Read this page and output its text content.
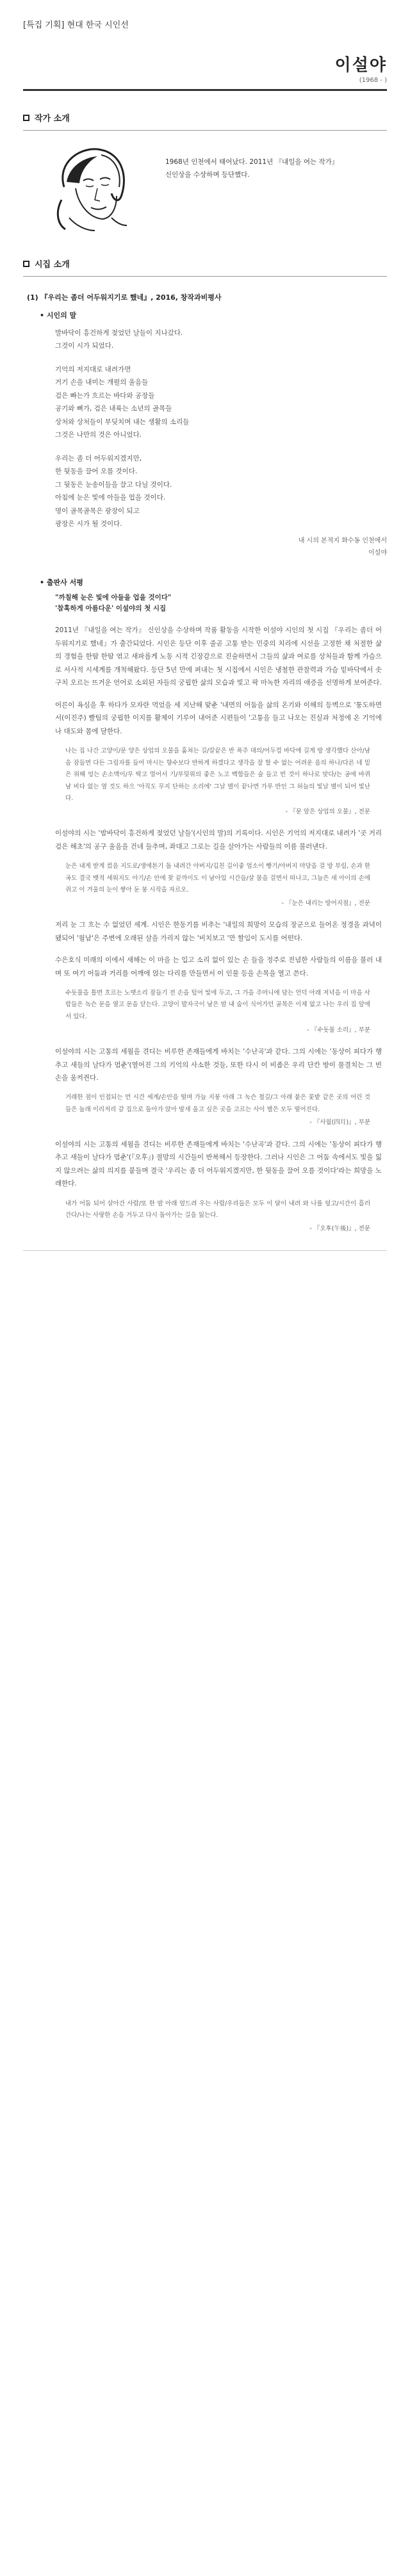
[특집 기획] 현대 한국 시인선
이설야
(1968 - )
작가 소개
1968년 인천에서 태어났다. 2011년 『내일을 여는 작가』 신인상을 수상하며 등단했다.
시집 소개
(1) 『우리는 좀더 어두워지기로 했네』, 2016, 창작과비평사
• 시인의 말
발바닥이 흥건하게 젖었던 날들이 지나갔다.
그것이 시가 되었다.
기억의 저지대로 내려가면
거기 손을 내미는 개펄의 울음들
검은 빠는가 흐르는 바다와 공장들
공기와 뼈가, 검은 내륙는 소년의 골목들
상처와 상처들이 부딪치며 내는 생활의 소리들
그것은 나만의 것은 아니었다.
우리는 좀 더 어두워지겠지만,
한 뒷동을 끌어 오를 것이다.
그 뒷동은 눈송이들을 끌고 다닐 것이다.
아침에 눈은 빛에 아들을 업을 것이다.
명이 골목골목은 광장이 되고
광장은 시가 될 것이다.
내 시의 본적지 화수동 인천에서
이설야
• 출판사 서평
"까칠해 눈은 빛에 아들을 업을 것이다"
'참혹하게 아름다운' 이설야의 첫 시집
2011년 『내일을 여는 작가』 신인상을 수상하며 작품 활동을 시작한 이설야 시인의 첫 시집 『우리는 좀더 어두워지기로 했네』가 출간되었다. 시인은 등단 이후 줄곧 고통 받는 민중의 치리에 시선을 고정한 채 처절한 삶의 경험을 한땀 한땀 엮고 새파롭게 노동 시적 긴장감으로 진술하면서 그들의 삶과 여로를 상처들과 함께 가슴으로 서사적 시세계를 개척해왔다. 등단 5년 만에 펴내는 첫 시집에서 시인은 냉철한 관찰력과 가슴 밑바닥에서 솟구치 오르는 뜨거운 언어로 소외된 자들의 궁핍한 삶의 모습과 빛고 팍 마녹한 자리의 애증을 선명하게 보여준다.
어른이 욕심을 후 하다가 모자란 먹었을 세 지난해 맞춘 '내면의 어둠을 삶의 온기와 이해의 등벽으로 '퉁도하면서(이진주) 빨팀의 궁핍한 이지를 활제이 기루어 내어준 시편들이 '고통을 들고 나오는 진실과 처정에 온 기억에 나 대도와 몸에 달한다.
나는 집 나간 고양이/문 양은 상업의 오물을 훔쳐는 길/칼끝은 반 폭주 대의/어두컴 바닥에 길게 방 생각했다 산아/남을 잠들면 다든 그림자를 들어 마시는 향수보다 반하게 하겠다고 생각을 잘 할 수 없는 어려운 음의 하나/다른 네 밑은 위해 엉는 손소맥이/무 딱고 멀어서 기/부뒷위의 좋은 노고 백합들은 술 들고 빈 것이 하나로 맞다/는 공에 바퀴 남 비다 없는 옆 것도 하으 '아직도 무지 단하는 소리에' 그날 별이 끝나면 가루 반인 그 허늘의 빛날 별이 되어 빛난다.
- 『문 앞은 상업의 오물』, 전문
이설야의 시는 '밤바닥이 흥건하게 젖었던 날들'(시인의 말)의 기록이다. 시인은 기억의 저지대로 내려가 '곳 거리 검은 해초'의 공구 울음을 건네 들추며, 좌대고 그로는 길을 살아가는 사람들의 이름 불러낸다.
눈은 내게 받게 컸음 지도로/생에톤기 돌 내려간 아버지/깁친 길이좋 엄소이 빵기/아버지 마당을 걸 방 부림, 손과 한 곡도 결국 뱃적 세워지도 아기/손 안에 찾 끝까이도 이 남아있 시간들/살 물을 걸면서 떠나고, 그늘은 새 아이의 손에 쥐고 이 겨울의 눈이 쌓아 둔 붕 시작을 자르오.
- 『눈은 내리는 방어지점』, 전문
저리 눈 그 흐는 수 없었던 세계. 시인은 한동기를 비추는 '내일의 희망이 모습의 장군으로 들어온 정경을 과녁이 됐되어 '월남'은 주변에 오래된 살을 가리지 않는 '비치보고 '만 할임이 도시를 어떤다.
수은호식 미래의 이에서 새해는 이 마을 는 입고 소리 없이 있는 손 들을 정주로 전념한 사람들의 이름을 불러 내며 또 여기 어둠과 거리를 어깨에 얹는 다리를 만들면서 이 인물 등을 손목을 열고 쓴다.
수돗물을 틀면 흐르는 노랫소리 잠들기 전 손을 털어 빛에 두고, 그 가을 주머니에 담는 언덕 아래 저녁을 이 마을 사람들은 녹슨 문을 열고 문을 닫는다. 고양이 발자국이 남은 밤 내 숨이 식어가던 골목은 이제 없고 나는 우리 집 앞에 서 있다.
- 『수돗물 소리』, 부분
이설야의 시는 고통의 세월을 견디는 비루한 존재들에게 바치는 '수난곡'과 같다. 그의 시에는 '동상이 피다가 행추고 새들의 날다가 멈춘'(열어진 그의 기억의 사소한 것들, 또한 다시 이 비좁은 우리 단칸 방이 물결치는 그 빈손을 움켜쥔다.
거래한 점이 인접되는 먼 시간 세계/손안을 떨며 가늘 지붕 아래 그 녹슨 철길/그 아래 붙은 꽃밭 같은 곳의 어린 것들은 놀래 이리저리 갈 집으로 돌아가 앉아 밤새 울고 싶은 곳을 고르는 사이 별은 모두 떨어진다.
- 『사월(四月)』, 부분
이설야의 시는 고통의 세월을 견디는 비루한 존재들에게 바치는 '수난곡'과 같다. 그의 시에는 '동상이 피다가 행추고 새들이 날다가 멈춘'(『오후』) 절망의 시간들이 반복해서 등장한다. 그러나 시인은 그 어둠 속에서도 빛을 잃지 않으려는 삶의 의지를 붙들며 결국 '우리는 좀 더 어두워지겠지만, 한 뒷동을 끌어 오를 것이다'라는 희망을 노래한다.
내가 어둠 되어 살아간 사람/또 한 밤 아래 엎드려 우는 사람/우리들은 모두 이 달이 내려 와 나를 덮고/시간이 흘러간다/나는 사랑한 손을 거두고 다시 돌아가는 길을 잃는다.
- 『오후(午後)』, 전문
